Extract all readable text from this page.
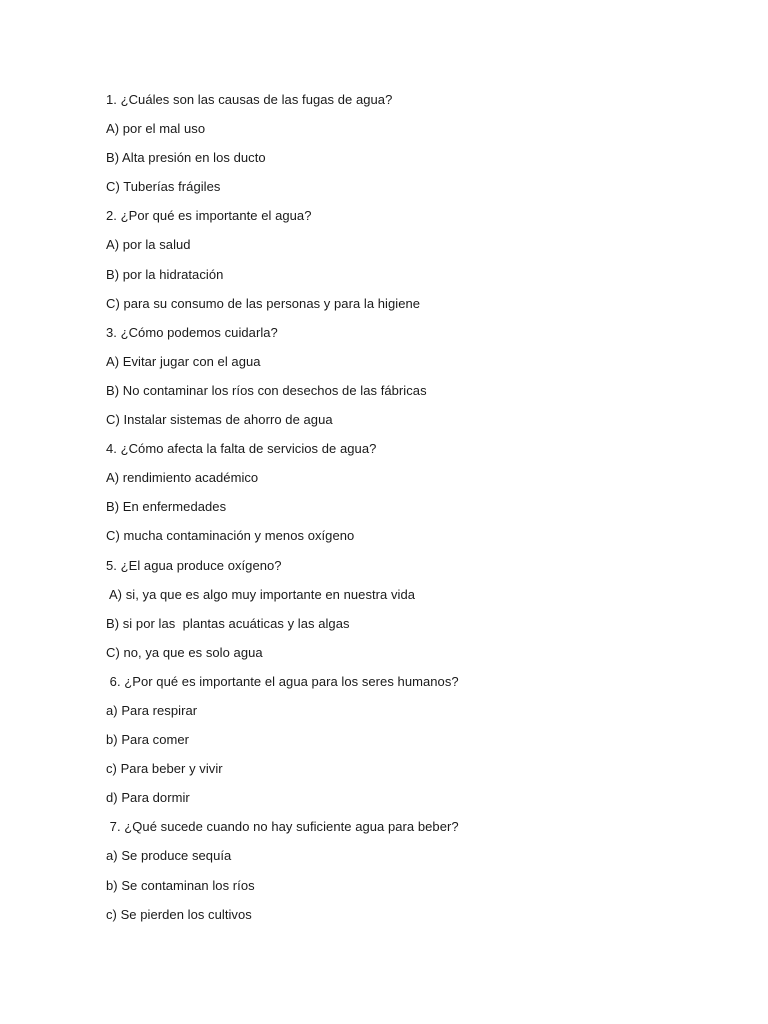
1. ¿Cuáles son las causas de las fugas de agua?
A) por el mal uso
B) Alta presión en los ducto
C) Tuberías frágiles
2. ¿Por qué es importante el agua?
A) por la salud
B) por la hidratación
C) para su consumo de las personas y para la higiene
3. ¿Cómo podemos cuidarla?
A) Evitar jugar con el agua
B) No contaminar los ríos con desechos de las fábricas
C) Instalar sistemas de ahorro de agua
4. ¿Cómo afecta la falta de servicios de agua?
A) rendimiento académico
B) En enfermedades
C) mucha contaminación y menos oxígeno
5. ¿El agua produce oxígeno?
A) si, ya que es algo muy importante en nuestra vida
B) si por las  plantas acuáticas y las algas
C) no, ya que es solo agua
6. ¿Por qué es importante el agua para los seres humanos?
a) Para respirar
b) Para comer
c) Para beber y vivir
d) Para dormir
7. ¿Qué sucede cuando no hay suficiente agua para beber?
a) Se produce sequía
b) Se contaminan los ríos
c) Se pierden los cultivos
